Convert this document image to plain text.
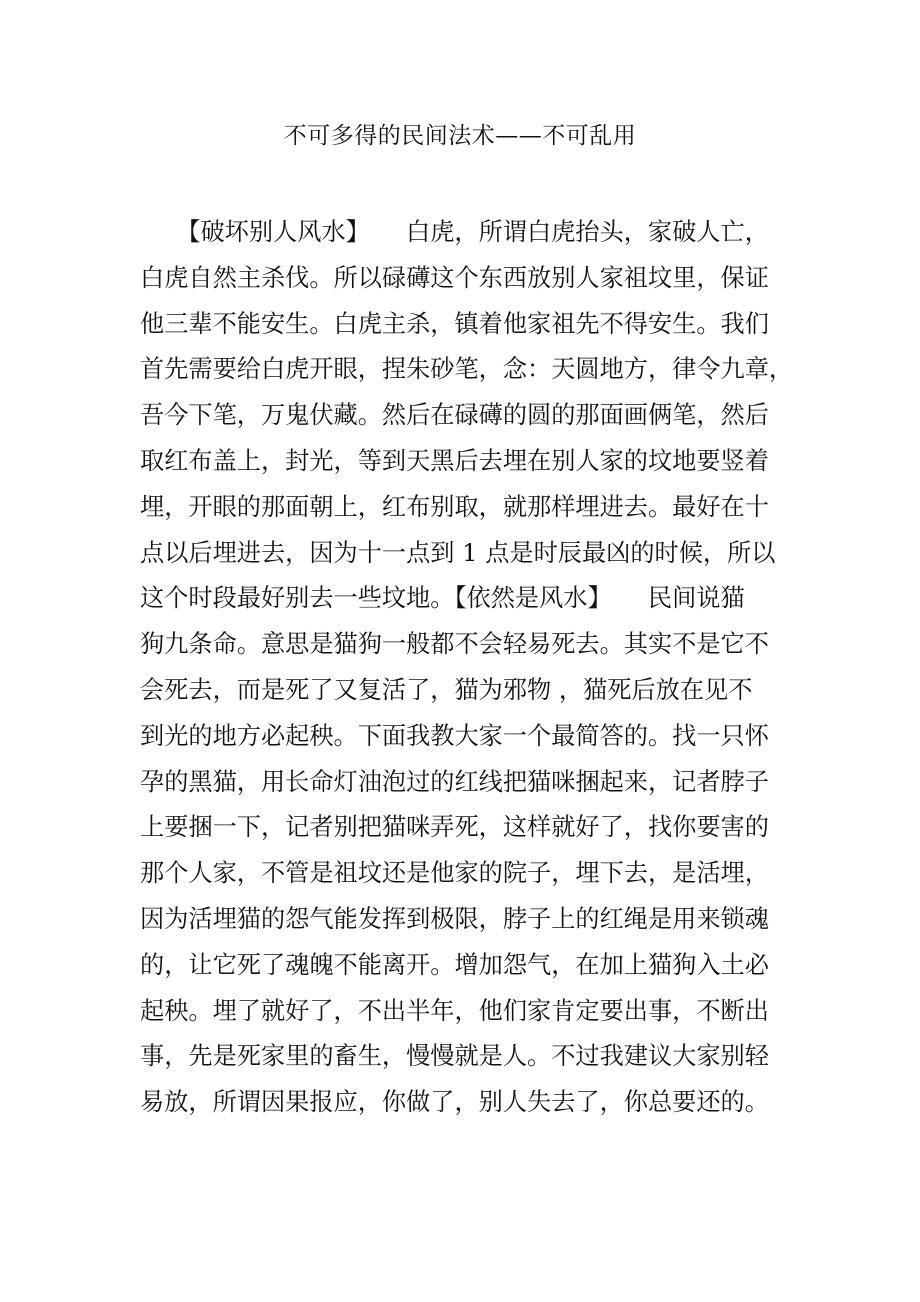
不可多得的民间法术——不可乱用
　　【破坏别人风水】　　白虎，所谓白虎抬头，家破人亡，
白虎自然主杀伐。所以碌礡这个东西放别人家祖坟里，保证
他三辈不能安生。白虎主杀，镇着他家祖先不得安生。我们
首先需要给白虎开眼，捏朱砂笔，念：天圆地方，律令九章，
吾今下笔，万鬼伏藏。然后在碌礡的圆的那面画俩笔，然后
取红布盖上，封光，等到天黑后去埋在别人家的坟地要竖着
埋，开眼的那面朝上，红布别取，就那样埋进去。最好在十
点以后埋进去，因为十一点到 1 点是时辰最凶的时候，所以
这个时段最好别去一些坟地。【依然是风水】　　民间说猫
狗九条命。意思是猫狗一般都不会轻易死去。其实不是它不
会死去，而是死了又复活了，猫为邪物 ，猫死后放在见不
到光的地方必起秧。下面我教大家一个最简答的。找一只怀
孕的黑猫，用长命灯油泡过的红线把猫咪捆起来，记者脖子
上要捆一下，记者别把猫咪弄死，这样就好了，找你要害的
那个人家，不管是祖坟还是他家的院子，埋下去，是活埋，
因为活埋猫的怨气能发挥到极限，脖子上的红绳是用来锁魂
的，让它死了魂魄不能离开。增加怨气，在加上猫狗入土必
起秧。埋了就好了，不出半年，他们家肯定要出事，不断出
事，先是死家里的畜生，慢慢就是人。不过我建议大家别轻
易放，所谓因果报应，你做了，别人失去了，你总要还的。
